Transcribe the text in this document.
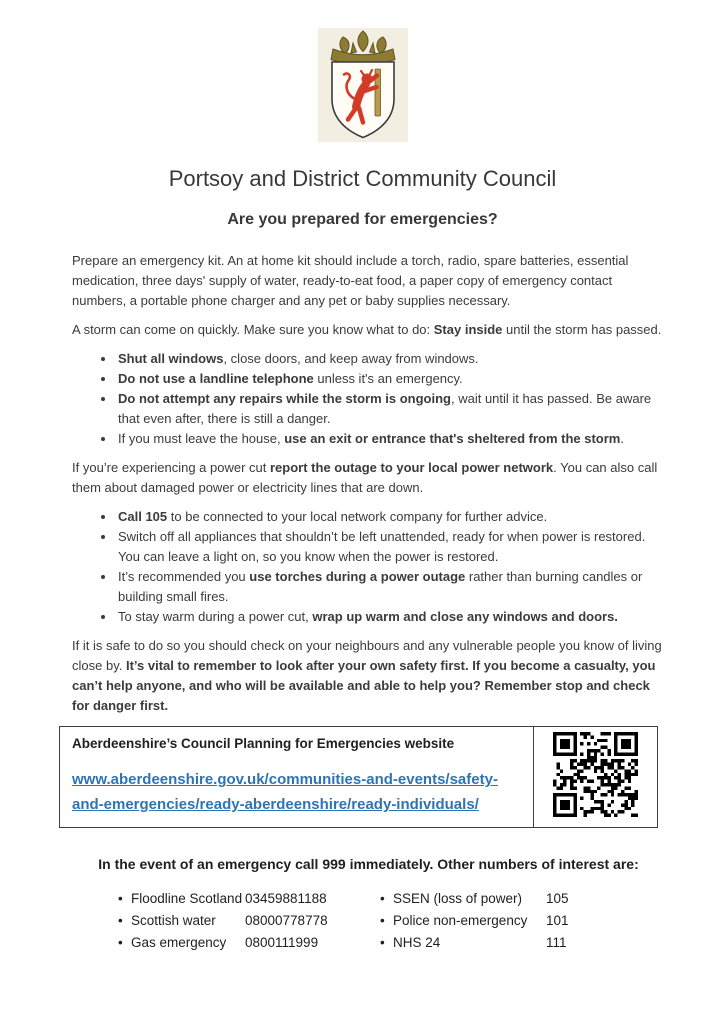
Portsoy and District Community Council
Are you prepared for emergencies?

Prepare an emergency kit. An at home kit should include a torch, radio, spare batteries, essential medication, three days' supply of water, ready-to-eat food, a paper copy of emergency contact numbers, a portable phone charger and any pet or baby supplies necessary.

A storm can come on quickly. Make sure you know what to do: Stay inside until the storm has passed.

• Shut all windows, close doors, and keep away from windows.
• Do not use a landline telephone unless it's an emergency.
• Do not attempt any repairs while the storm is ongoing, wait until it has passed. Be aware that even after, there is still a danger.
• If you must leave the house, use an exit or entrance that's sheltered from the storm.

If you’re experiencing a power cut report the outage to your local power network. You can also call them about damaged power or electricity lines that are down.

• Call 105 to be connected to your local network company for further advice.
• Switch off all appliances that shouldn’t be left unattended, ready for when power is restored. You can leave a light on, so you know when the power is restored.
• It’s recommended you use torches during a power outage rather than burning candles or building small fires.
• To stay warm during a power cut, wrap up warm and close any windows and doors.

If it is safe to do so you should check on your neighbours and any vulnerable people you know of living close by. It’s vital to remember to look after your own safety first. If you become a casualty, you can’t help anyone, and who will be available and able to help you? Remember stop and check for danger first.

Aberdeenshire’s Council Planning for Emergencies website
www.aberdeenshire.gov.uk/communities-and-events/safety-and-emergencies/ready-aberdeenshire/ready-individuals/
In the event of an emergency call 999 immediately. Other numbers of interest are:
• Floodline Scotland 03459881188
• Scottish water	08000778778
• Gas emergency	0800111999
• SSEN (loss of power)	105
• Police non-emergency	101
• NHS 24	111
